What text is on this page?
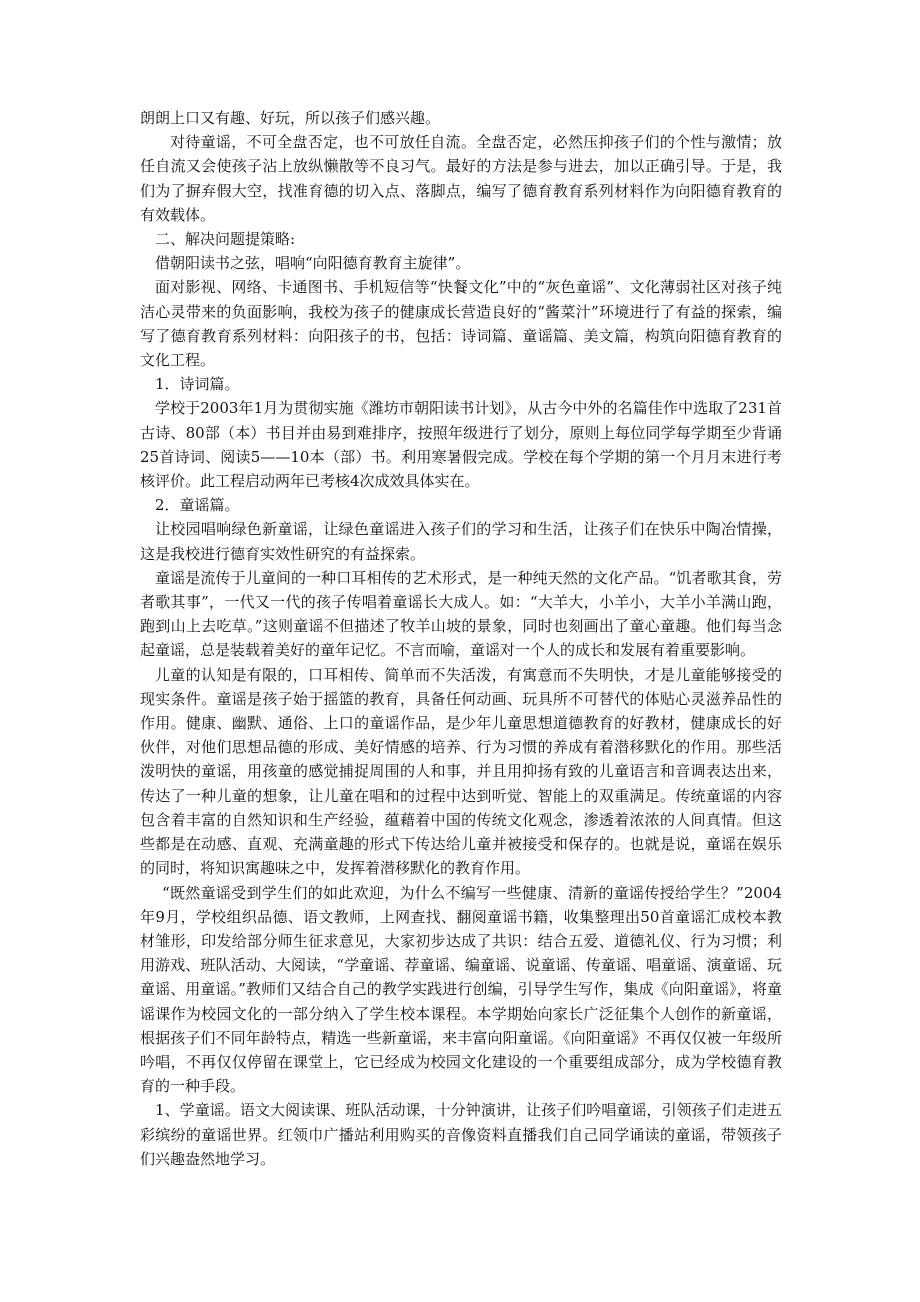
朗朗上口又有趣、好玩，所以孩子们感兴趣。

对待童谣，不可全盘否定，也不可放任自流。全盘否定，必然压抑孩子们的个性与激情；放任自流又会使孩子沾上放纵懒散等不良习气。最好的方法是参与进去，加以正确引导。于是，我们为了摒弃假大空，找准育德的切入点、落脚点，编写了德育教育系列材料作为向阳德育教育的有效载体。

二、解决问题提策略:

借朝阳读书之弦，唱响“向阳德育教育主旋律”。

面对影视、网络、卡通图书、手机短信等“快餐文化”中的“灰色童谣”、文化薄弱社区对孩子纯洁心灵带来的负面影响，我校为孩子的健康成长营造良好的“酱菜汁”环境进行了有益的探索，编写了德育教育系列材料：向阳孩子的书，包括：诗词篇、童谣篇、美文篇，构筑向阳德育教育的文化工程。

1．诗词篇。

学校于2003年1月为贯彻实施《潍坊市朝阳读书计划》，从古今中外的名篇佳作中选取了231首古诗、80部（本）书目并由易到难排序，按照年级进行了划分，原则上每位同学每学期至少背诵25首诗词、阅读5——10本（部）书。利用寒暑假完成。学校在每个学期的第一个月月末进行考核评价。此工程启动两年已考核4次成效具体实在。

2．童谣篇。

让校园唱响绿色新童谣，让绿色童谣进入孩子们的学习和生活，让孩子们在快乐中陶冶情操，这是我校进行德育实效性研究的有益探索。

童谣是流传于儿童间的一种口耳相传的艺术形式，是一种纯天然的文化产品。“饥者歌其食，劳者歌其事”，一代又一代的孩子传唱着童谣长大成人。如：“大羊大，小羊小，大羊小羊满山跑，跑到山上去吃草。”这则童谣不但描述了牧羊山坡的景象，同时也刻画出了童心童趣。他们每当念起童谣，总是装载着美好的童年记忆。不言而喻，童谣对一个人的成长和发展有着重要影响。

儿童的认知是有限的，口耳相传、简单而不失活泼，有寓意而不失明快，才是儿童能够接受的现实条件。童谣是孩子始于摇篮的教育，具备任何动画、玩具所不可替代的体贴心灵滋养品性的作用。健康、幽默、通俗、上口的童谣作品，是少年儿童思想道德教育的好教材，健康成长的好伙伴，对他们思想品德的形成、美好情感的培养、行为习惯的养成有着潜移默化的作用。那些活泼明快的童谣，用孩童的感觉捕捉周围的人和事，并且用抑扬有致的儿童语言和音调表达出来，传达了一种儿童的想象，让儿童在唱和的过程中达到听觉、智能上的双重满足。传统童谣的内容包含着丰富的自然知识和生产经验，蕴藉着中国的传统文化观念，渗透着浓浓的人间真情。但这些都是在动感、直观、充满童趣的形式下传达给儿童并被接受和保存的。也就是说，童谣在娱乐的同时，将知识寓趣味之中，发挥着潜移默化的教育作用。

“既然童谣受到学生们的如此欢迎，为什么不编写一些健康、清新的童谣传授给学生？”2004年9月，学校组织品德、语文教师，上网查找、翻阅童谣书籍，收集整理出50首童谣汇成校本教材雏形，印发给部分师生征求意见，大家初步达成了共识：结合五爱、道德礼仪、行为习惯；利用游戏、班队活动、大阅读，“学童谣、荐童谣、编童谣、说童谣、传童谣、唱童谣、演童谣、玩童谣、用童谣。”教师们又结合自己的教学实践进行创编，引导学生写作，集成《向阳童谣》，将童谣课作为校园文化的一部分纳入了学生校本课程。本学期始向家长广泛征集个人创作的新童谣，根据孩子们不同年龄特点，精选一些新童谣，来丰富向阳童谣。《向阳童谣》不再仅仅被一年级所吟唱，不再仅仅停留在课堂上，它已经成为校园文化建设的一个重要组成部分，成为学校德育教育的一种手段。

1、学童谣。语文大阅读课、班队活动课，十分钟演讲，让孩子们吟唱童谣，引领孩子们走进五彩缤纷的童谣世界。红领巾广播站利用购买的音像资料直播我们自己同学诵读的童谣，带领孩子们兴趣盎然地学习。
